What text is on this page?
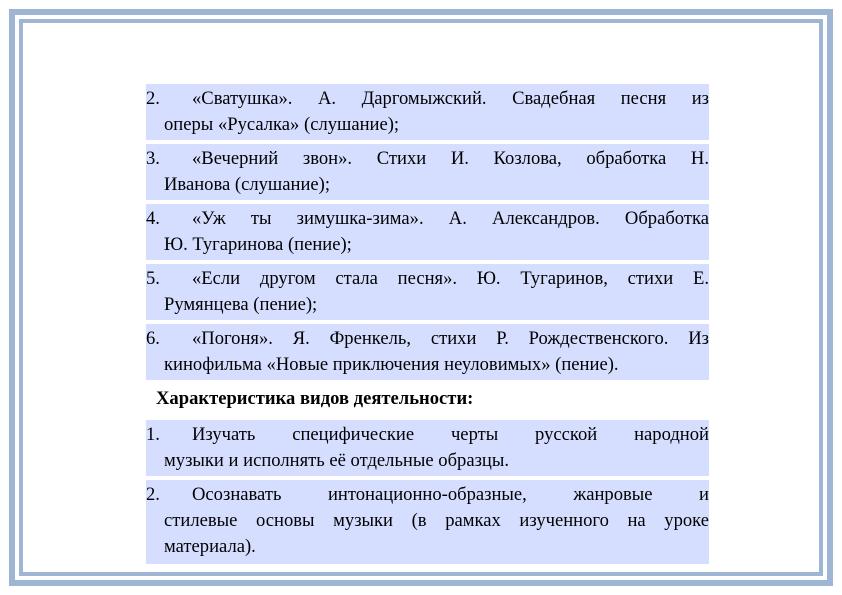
2.	«Сватушка». А. Даргомыжский. Свадебная песня из
оперы «Русалка» (слушание);
3.	«Вечерний звон». Стихи И. Козлова, обработка Н.
Иванова (слушание);
4.	«Уж ты зимушка-зима». А. Александров. Обработка
Ю. Тугаринова (пение);
5.	«Если другом стала песня». Ю. Тугаринов, стихи Е.
Румянцева (пение);
6.	«Погоня». Я. Френкель, стихи Р. Рождественского. Из
кинофильма «Новые приключения неуловимых» (пение).
Характеристика видов деятельности:
1.	Изучать специфические черты русской народной
музыки и исполнять её отдельные образцы.
2.	Осознавать интонационно-образные, жанровые и
стилевые основы музыки (в рамках изученного на уроке
материала).
